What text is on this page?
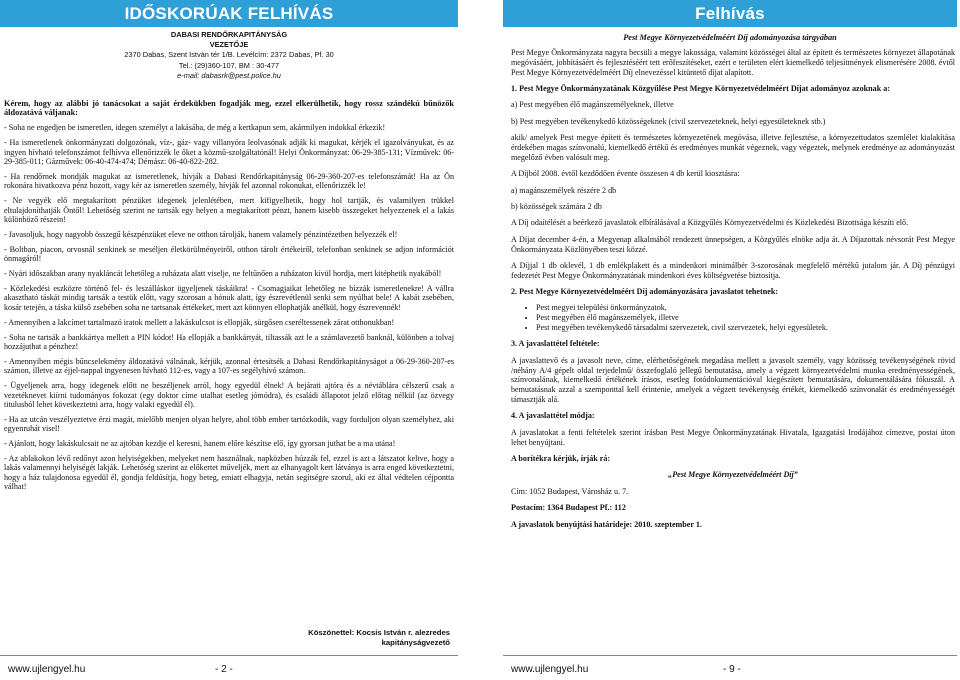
IDŐSKORÚAK FELHÍVÁS
DABASI RENDŐRKAPITÁNYSÁG
VEZETŐJE
2370 Dabas, Szent István tér 1/B. Levélcím: 2372 Dabas, Pf. 30
Tel.: (29)360-107, BM : 30-477
e-mail: dabasrk@pest.police.hu

Kérem, hogy az alábbi jó tanácsokat a saját érdekükben fogadják meg, ezzel elkerülhetik, hogy rossz szándékú bűnözők áldozatává váljanak:

- Soha ne engedjen be ismeretlen, idegen személyt a lakásába, de még a kertkapun sem, akármilyen indokkal érkezik!

- Ha ismeretlenek önkormányzati dolgozónak, víz-, gáz- vagy villanyóra leolvasónak adják ki magukat, kérjék el igazolványukat, és az ingyen hívható telefonszámot felhívva ellenőrizzék le őket a közmű-szolgáltatónál! Helyi Önkormányzat: 06-29-385-131; Vízművek: 06-29-385-011; Gázművek: 06-40-474-474; Démász: 06-40-822-282.

- Ha rendőrnek mondják magukat az ismeretlenek, hívják a Dabasi Rendőrkapitányság 06-29-360-207-es telefonszámát! Ha az Ön rokonára hivatkozva pénz hozott, vagy kér az ismeretlen személy, hívják fel azonnal rokonukat, ellenőrizzék le!

- Ne vegyék elő megtakarított pénzüket idegenek jelenlétében, mert kifigyelhetik, hogy hol tartják, és valamilyen trükkel eltulajdoníthatják Öntől! Lehetőség szerint ne tartsák egy helyen a megtakarított pénzt, hanem kisebb összegeket helyezzenek el a lakás különböző részein!

- Javasoljuk, hogy nagyobb összegű készpénzüket eleve ne otthon tárolják, hanem valamely pénzintézetben helyezzék el!

- Boltban, piacon, orvosnál senkinek se meséljen életkörülményeiről, otthon tárolt értékeiről, telefonban senkinek se adjon információt önmagáról!

- Nyári időszakban arany nyakláncát lehetőleg a ruházata alatt viselje, ne feltűnően a ruházaton kívül hordja, mert kitéphetik nyakából!

- Közlekedési eszközre történő fel- és leszálláskor ügyeljenek táskáikra! - Csomagjaikat lehetőleg ne bízzák ismeretlenekre! A vállra akasztható táskát mindig tartsák a testük előtt, vagy szorosan a hónuk alatt, így észrevétlenül senki sem nyúlhat bele! A kabát zsebében, kosár tetején, a táska külső zsebében soha ne tartsanak értékeket, mert azt könnyen ellophatják anélkül, hogy észrevennék!

- Amennyiben a lakcímet tartalmazó iratok mellett a lakáskulcsot is ellopják, sürgősen cseréltessenek zárat otthonukban!

- Soha ne tartsák a bankkártya mellett a PIN kódot! Ha ellopják a bankkártyát, tiltassák azt le a számlavezető banknál, különben a tolvaj hozzájuthat a pénzhez!

- Amennyiben mégis bűncselekmény áldozatává válnának, kérjük, azonnal értesítsék a Dabasi Rendőrkapitányságot a 06-29-360-207-es számon, illetve az éjjel-nappal ingyenesen hívható 112-es, vagy a 107-es segélyhívó számon.

- Ügyeljenek arra, hogy idegenek előtt ne beszéljenek arról, hogy egyedül élnek! A bejárati ajtóra és a névtáblára célszerű csak a vezetéknevet kiírni tudományos fokozat (egy doktor címe utalhat esetleg jómódra), és családi állapotot jelző előtag nélkül (az özvegy titulusból lehet következtetni arra, hogy valaki egyedül él).

- Ha az utcán veszélyeztetve érzi magát, mielőbb menjen olyan helyre, ahol több ember tartózkodik, vagy forduljon olyan személyhez, aki egyenruhát visel!

- Ajánlott, hogy lakáskulcsait ne az ajtóban kezdje el keresni, hanem előre készítse elő, így gyorsan juthat be a ma utána!

- Az ablakokon lévő redőnyt azon helyiségekben, melyeket nem használnak, napközben húzzák fel, ezzel is azt a látszatot keltve, hogy a lakás valamennyi helyiségét lakják. Lehetőség szerint az előkertet műveljék, mert az elhanyagolt kert látványa is arra enged következtetni, hogy a ház tulajdonosa egyedül él, gondja feldúsítja, hogy beteg, emiatt elhagyja, netán segítségre szorul, aki ez által védtelen céjpontta válhat!

Köszönettel: Kocsis István r. alezredes
kapitányságvezető
www.ujlengyel.hu	- 2 -
Felhívás
Pest Megye Környezetvédelméért Díj adományozása tárgyában

Pest Megye Önkormányzata nagyra becsüli a megye lakossága, valamint közösségei által az épített és természetes környezet állapotának megóvásáért, jobbításáért és fejlesztéséért tett erőfeszítéseket, ezért e területen elért kiemelkedő teljesítmények elismerésére 2008. évtől Pest Megye Környezetvédelméért Díj elnevezéssel kitüntető díjat alapított.

1. Pest Megye Önkormányzatának Közgyűlése Pest Megye Környezetvédelméért Díjat adományoz azoknak a:

a) Pest megyében élő magánszemélyeknek, illetve

b) Pest megyében tevékenykedő közösségeknek (civil szervezeteknek, helyi egyesületeknek stb.)

akik/ amelyek Pest megye épített és természetes környezetének megóvása, illetve fejlesztése, a környezettudatos szemlélet kialakítása érdekében magas színvonalú, kiemelkedő értékű és eredményes munkát végeznek, vagy végeztek, melynek eredménye az adományozást megelőző évben valósult meg.

A Díjból 2008. évtől kezdődően évente összesen 4 db kerül kiosztásra:

a) magánszemélyek részére 2 db

b) közösségek számára 2 db

A Díj odaítélését a beérkező javaslatok elbírálásával a Közgyűlés Környezetvédelmi és Közlekedési Bizottsága készíti elő.

A Díjat december 4-én, a Megyenap alkalmából rendezett ünnepségen, a Közgyűlés elnöke adja át. A Díjazottak névsorát Pest Megye Önkormányzata Közlönyében teszi közzé.

A Díjjal 1 db oklevél, 1 db emlékplakett és a mindenkori minimálbér 3-szorosának megfelelő mértékű jutalom jár. A Díj pénzügyi fedezetét Pest Megye Önkormányzatának mindenkori éves költségvetése biztosítja.

2. Pest Megye Környezetvédelméért Díj adományozására javaslatot tehetnek:

• Pest megyei települési önkormányzatok,
• Pest megyében élő magánszemélyek, illetve
• Pest megyében tevékenykedő társadalmi szervezetek, civil szervezetek, helyi egyesületek.

3. A javaslattétel feltétele:

A javaslattevő és a javasolt neve, címe, elérhetőségének megadása mellett a javasolt személy, vagy közösség tevékenységének rövid /néhány A/4 gépelt oldal terjedelmű/ összefoglaló jellegű bemutatása, amely a végzett környezetvédelmi munka eredményességének, színvonalának, kiemelkedő értékének írásos, esetleg fotódokumentációval kiegészített bemutatására, dokumentálására fókuszál. A bemutatásnak azzal a szemponttal kell érintenie, amelyek a végzett tevékenység értékét, kiemelkedő színvonalát és eredményességét támasztják alá.

4. A javaslattétel módja:

A javaslatokat a fenti feltételek szerint írásban Pest Megye Önkormányzatának Hivatala, Igazgatási Irodájához címezve, postai úton lehet benyújtani.

A borítékra kérjük, írják rá:

„Pest Megye Környezetvédelméért Díj”

Cím: 1052 Budapest, Városház u. 7.

Postacím: 1364 Budapest Pf.: 112

A javaslatok benyújtási határideje: 2010. szeptember 1.

www.ujlengyel.hu	- 9 -
